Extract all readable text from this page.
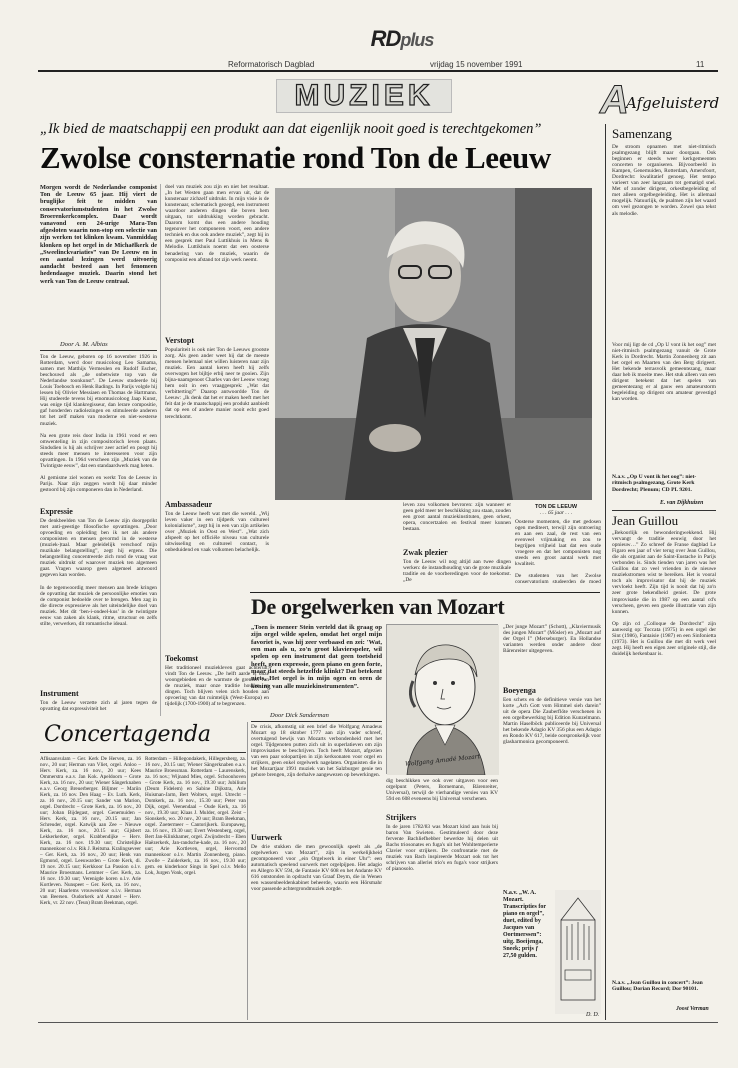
RDplus
Reformatorisch Dagblad	vrijdag 15 november 1991	11
MUZIEK	A
Afgeluisterd
„Ik bied de maatschappij een produkt aan dat eigenlijk nooit goed is terechtgekomen”
Zwolse consternatie rond Ton de Leeuw
Morgen wordt de Nederlandse componist Ton de Leeuw 65 jaar. Hij viert de bruglijke feit te midden van conservatoriumstudenten in het Zwolse Broerenkerkcomplex. Daar wordt vanavond een 24-urige Mara-Ton afgesloten waarin non-stop een selectie van zijn werken tot klinken kwam. Vanmiddag klonken op het orgel in de Michaëlkerk de „Sweelinckvariaties” van De Leeuw en in een aantal lezingen werd uitvoerig aandacht besteed aan het fenomeen hedendaagse muziek. Daarin stond het werk van Ton de Leeuw centraal.
Door A. M. Albias
Ton de Leeuw, geboren op 16 november 1926 in Rotterdam, werd door musicoloog Leo Samama, samen met Matthijs Vermeulen en Rudolf Escher, beschouwd als „de onbetwiste top van de Nederlandse toonkunst”. De Leeuw studeerde bij Louis Toebosch en Henk Badings. In Parijs volgde hij lessen bij Olivier Messiaen en Thomas de Hartmann. Hij studeerde tevens bij etnomusicoloog Jaap Kunst, was enige tijd klankregisseur, dan lerare compositie, gaf honderden radiolezingen en stimuleerde anderen tot het zelf maken van moderne en niet-westerse muziek.

Na een grote reis door India in 1961 vond er een omwenteling in zijn compositorisch leven plaats. Sindsdien is hij als schrijver zeer actief en poogt hij steeds meer mensen te interesseren voor zijn opvattingen. In 1964 verscheen zijn „Muziek van de Twintigste eeuw”, dat een standaardwerk mag heten.

Al gemisme ziel wonen en werkt Ton de Leeuw in Parijs. Naar zijn zeggen wordt hij daar minder gestoord bij zijn componeren dan in Nederland.
Expressie
De denkbeelden van Ton de Leeuw zijn doorgeprikt met anti-geestige filosofische opvattingen. „Door opvoeding en opleiding ben ik net als andere componisten en mensen gevormd in de westerse (muziek-)taal. Maar geleidelijk verschoof mijn muzikale belangstelling”, zegt hij ergens. Die belangstelling concentreerde zich rond de vraag wat muziek uitdrukt of waarover muziek ten algemeen gaat. Vragen waarop geen algemeel antwoord gegeven kan worden.

In de tegenwoordig meer mensen aan brede kringen de opvatting dat muziek de persoonlijke emoties van de componist bedoelde over te brengen. Men zag in die directe expressieve als het uiteindelijke doel van muziek. Met dit ‘ben-i-ondeel-kus’ in de twintigste eeuw van zaken als klank, ritme, structuur en zelfs stilte, verwerken, dit romantische ideaal.
Instrument
Ton de Leeuw verzette zich al jaren tegen de opvatting dat expressiviteit het
doel van muziek zou zijn en niet het resultaat. „In het Westen gaan men ervan uit, dat de kunstenaar zichzelf uitdrukt. In mijn visie is de kunstenaar, schematisch gezegd, een instrument waardoor anderen dingen die boven hem uitgaan, tot uitdrukking worden gebracht. Daarom komt dus een andere houding tegenover het componeren voort, een andere techniek en dus ook andere muziek”, zegt hij in een gesprek met Paul Luttikhuis in Mens & Melodie. Luttikhuis noemt dat een oosterse benadering van de muziek, waarin de componist een afstand tot zijn werk neemt.
Verstopt
Populariteit is ook niet Ton de Leeuws grootste zorg. Als geen ander weet hij dat de meeste mensen helemaal niet willen luisteren naar zijn muziek. Een aantal keren heeft hij zelfs overwogen het bijltje erbij neer te gooien. Zijn bijna-naamgenoot Charles van der Leeuw vroeg hem ooit in een vraaggesprek: „Wat dat verbitterting?” Daarop antwoordde Ton de Leeuw: „Ik denk dat het er maken heeft met het feit dat je de maatschappij een produkt aanbiedt dat op een of andere manier nooit echt goed terechtkomt.
Ambassadeur
Ton de Leeuw heeft wat met die wereld. „Wij leven vaker in een tijdperk van cultureel kolonialisme”, zegt hij in een van zijn artikelen over „Muziek in Oost en West”. „Wat zich afspeelt op het officiële niveau van culturele uitwisseling en cultureel contact, is onbeduidend en vaak volkomen belachelijk.
Toekomst
Het traditioneel muziekleven gaat achteruit, vindt Ton de Leeuw. „De helft aarde is onze woongebieden en de warmste de grenzen van de muziek, maar onze traditie houden en dingen. Toch blijven velen zich houden aan opvoering van dat ruimtelijk (West-Europa) en tijdelijk (1700-1900) af te begrenzen.
TON DE LEEUW
. . . 65 jaar . . .
leven zou volkomen bevroren: zijn wanneer er geen geld meer ter beschikking zou staan, zouden een groot aantal muziekinstituten, geen orkest, opera, concertzalen en festival meer kunnen bestaan.
Zwak plezier
Ton de Leeuw wil nog altijd aan twee dingen werken: de instandhouding van de grote muzikale traditie en de voorberedingen voor de toekomst. „De
Oosterse momenten, die met gedosen ogen mediteert, terwijl zijn ontroering en aan een zaal, de rest van een evenveel vrijmaking en zou te begrijpen vrijheid laat dat een oude vroegere en dat het componisten nog steeds een groot aantal werk met kwaliteit.

De studenten van het Zwolse conservatorium studeerden de moed
De orgelwerken van Mozart
„Toen is meneer Stein verteld dat ik graag op zijn orgel wilde spelen, omdat het orgel mijn favoriet is, was hij zeer verbaasd en zei: 'Wat, een man als u, zo'n groot klavierspeler, wil spelen op een instrument dat geen toetsheid heeft, geen expressie, geen piano en geen forte, maar dat steeds hetzelfde klinkt? Dat betekent niets. Het orgel is in mijn ogen en oren de koning van alle muziekinstrumenten”.
Door Dick Sanderman
De crisis, afkomstig uit een brief die Wolfgang Amadeus Mozart op 18 oktober 1777 aan zijn vader schreef, overtuigend bewijs van Mozarts verbondenheid met het orgel. Tijdgenoten putten zich uit in superlatieven om zijn improvisaties te beschrijven. Toch heeft Mozart, afgezien van een paar solopartijen in zijn kerksonaten voor orgel en strijkers, geen enkel orgelwerk nagelaten. Organisten die in het Mozartjaar 1991 muziek van het Salzburger genie ten gehore brengen, zijn derhalve aangewezen op bewerkingen.
Uurwerk
De drie stukken die men gewoonlijk speelt als „de orgelwerken van Mozart”, zijn in werkelijkheid gecomponeerd voor „ein Orgelwerk in einer Uhr”: een automatisch speelend uurwerk met orgelpijpen. Het adagio en Allegro KV 594, de Fantasie KV 608 en het Andante KV 616 ontstonden in opdracht van Graaf Deym, die in Wenen een wassenbeeldenkabinet beheerde, waarin een Hörsmahr voor passende achtergrondmuziek zorgde.
Wolfgang Amadé Mozart
dig beschikken we ook over uitgaven voor een orgelpunt (Peters, Bornemann, Bärenreiter, Universal), terwijl de vierhandige versies van KV 594 en 608 eveneens bij Universal verschenen.
Strijkers
In de jaren 1782/83 was Mozart kind aan huis bij baron Van Swieten. Gestimuleerd door deze fervente Bachliefhebber bewerkte hij delen uit Bachs triosonates en fuga's uit het Wohltemperierte Clavier voor strijkers. De confrontatie met de muziek van Bach inspireerde Mozart ook tot het schrijven van allerlei trio's en fuga's voor strijkers of pianosolo.
„Der junge Mozart” (Schott), „Klaviermusik des jungen Mozart” (Mösler) en „Mozart auf der Orgel I” (Merseburger). En Hollandse varianten werden onder andere door Bärenreiter uitgegeven.
Boeyenga
Een schets en de definitieve versie van het korte „Ach Gott vom Himmel sieh darein” uit de opera Die Zauberflöte verschenen in een orgelbewerking bij Edition Kunzelmann. Martin Haselböck publiceerde bij Universal het bekende Adagio KV 356 plus een Adagio en Rondo KV 617, beide oorspronkelijk voor glasharmonica gecomponeerd.
N.a.v. „W. A. Mozart. Transcripties for piano en orgel”, duet, edited by Jacques van Oortmerssen”: uitg. Boeijenga, Sneek; prijs ƒ 27,50 gulden.
D. D.
Concertagenda
Aflisaanvulam – Ger. Kerk De Herven, za. 16 nov., 20 uur; Herman van Vliet, orgel. Anloo – Herv. Kerk, za. 16 nov., 20 uur; Kees Ommerstra e.a.v. Jan Kok. Apeldoorn – Grote Kerk, za. 16 nov., 20 uur; Wiener Sängerknaben e.a.v. Georg Breuerberger. Biljmer – Mariin Kerk, za. 16 nov. Den Haag – Ev. Luth. Kerk, za. 16 nov., 20.15 uur; Sander van Marion, orgel. Dordrecht – Grote Kerk, za. 16 nov., 20 uur; Johan Bijdegast, orgel. Genemuiden – Herv. Kerk, za. 16 nov., 20.15 uur; Jan Schreuder, orgel. Katwijk aan Zee – Nieuwe Kerk, za. 16 nov., 20.15 uur; Gijsbert Lekkerkerker, orgel. Krabbendijke – Herv. Kerk, za. 16 nov. 19.30 uur; Christelijke mannenkoor o.l.v. Rik J. Reitsma. Kralingseveer – Ger. Kerk, za. 16 nov., 20 uur; Henk van Egmond, orgel. Leeuwarden – Grote Kerk, di. 19 nov. 20.15 uur; Kerkkoor La Passion o.l.v. Maurice Broesmans. Lemmer – Ger. Kerk, za. 16 nov. 19.30 uur; Verenigde koren o.l.v. Arie Kortleven. Nunspeet – Ger. Kerk, za. 16 nov., 20 uur; Haarlems vrouwenkoor o.l.v. Herman van Beersen. Oudorkerk a/d Amstel – Herv. Kerk, vr. 22 nov. (Teun) Bram Beekman, orgel.
Rotterdam – Hillegondakerk, Hillegersberg, za. 16 nov., 20.15 uur; Wiener Sängerknaben e.a.v. Maurice Broessman. Rotterdam – Laurenskerk, za. 16 nov.; Wijnand Mies, orgel. Schoonhoven – Grote Kerk, za. 16 nov., 19.30 uur; Jubilium (Deum Fidelem) en Sabine Dijkstra, Arie Huisman-Jarm, Bert Wolters, orgel. Utrecht – Domkerk, za. 16 nov., 15.30 uur; Peter van Dijk, orgel. Veenendaal – Oude Kerk, za. 16 nov., 19.30 uur; Klaas J. Mulder, orgel. Zeist – Sionskerk, wo. 20 nov., 20 uur; Bram Beekman, orgel. Zoetermeer – Cantorijkerk. Europaweg, za. 16 nov., 19.30 uur; Evert Westenberg, orgel, Bert Jan-Klinkhamer, orgel. Zwijndrecht – Eben Haëzerkerk, Jan-randsche-kade, za. 16 nov., 20 uur; Arie Kortleven, orgel, Hervormd mannenkoor o.l.v. Martin Zonnenberg, piano. Zwolle – Zuiderkerk, za. 16 nov., 19.30 uur; gem. en kinderkoor Sings in Spel o.l.v. Mello Lok, Jurgen Vonk, orgel.
Samenzang
De stroom opnamen met niet-ritmisch psalmgezang blijft maar doorgaan. Ook beginnen er steeds weer kerkgemeenten concerten te organiseren. Bijvoorbeeld in Kampen, Genemuiden, Rotterdam, Amersfoort, Dordrecht: kwalitatief genoeg. Het tempo varieert van zeer langzaam tot gematigd snel. Met of zonder dirigent, orkestbegeleiding of met alleen orgelbegeleiding. Het is allemaal mogelijk. Natuurlijk, de psalmen zijn het waard om veel gezongen te worden. Zowel qua tekst als melodie.
Voor mij ligt de cd „Op U vont ik het oog” met niet-ritmisch psalmgezang vanuit de Grote Kerk in Dordrecht. Martin Zonnenberg zit aan het orgel en Maarten van den Berg dirigeert. Het bekende terrasvolk gemeentezang, maar daar heb ik moeite mee. Het stuk alleen van een dirigent betekent dat het spelen van gemeentezang er al gauw een amateurstorm begeleiding op dirigent om amateur gevestigd kan worden.
N.a.v. „Op U vont ik het oog”: niet-ritmisch psalmgezang, Grote Kerk Dordrecht; Plenum; CD PL 9201.
E. van Dijkhuizen
Jean Guillou
„Bekoorlijk en bewonderingwekkend. Hij vervangt de traditie eeuwig door het opnieuw…” Zo schreef de Franse dagblad Le Figaro een jaar of vier terug over Jean Guillou, die als organist aan de Saint-Eustache in Parijs verbonden is. Sinds tienden van jaren was het Guillou dat zo veel vrienden in de nieuwe muziekstromen wist te bereiken. Het is vooral toch als improvisator dat hij de muziek vervloekt heeft. Zijn tijd is nooit dat hij zo'n zeer grote bekendheid geniet. De grote improvisatie die in 1987 op een aantal cd's verscheen, geven een goede illustratie van zijn kunnen.

Op zijn cd „Colloque de Dordrecht” zijn aanwezig op: Toccata (1975) in een orgel der Sint (1986), Fantaisie (1987) en een Sinfonietta (1973). Het is Guillou die met dit werk veel zegt. Hij heeft een eigen zeer originele stijl, die duidelijk herkenbaar is.
N.a.v. „Jean Guillou in concert”: Jean Guillou; Dorian Record; Dor 90101.
Joost Verman
